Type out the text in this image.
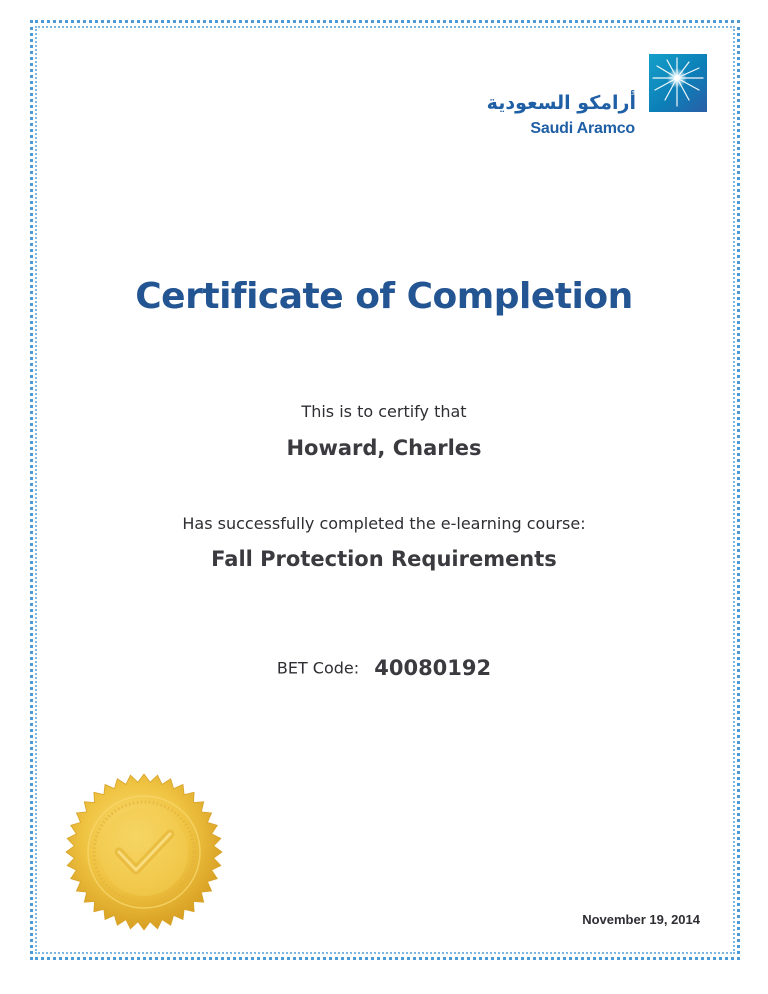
أرامكو السعودية
Saudi Aramco
Certificate of Completion
This is to certify that
Howard, Charles
Has successfully completed the e-learning course:
Fall Protection Requirements
BET Code: 40080192
November 19, 2014
